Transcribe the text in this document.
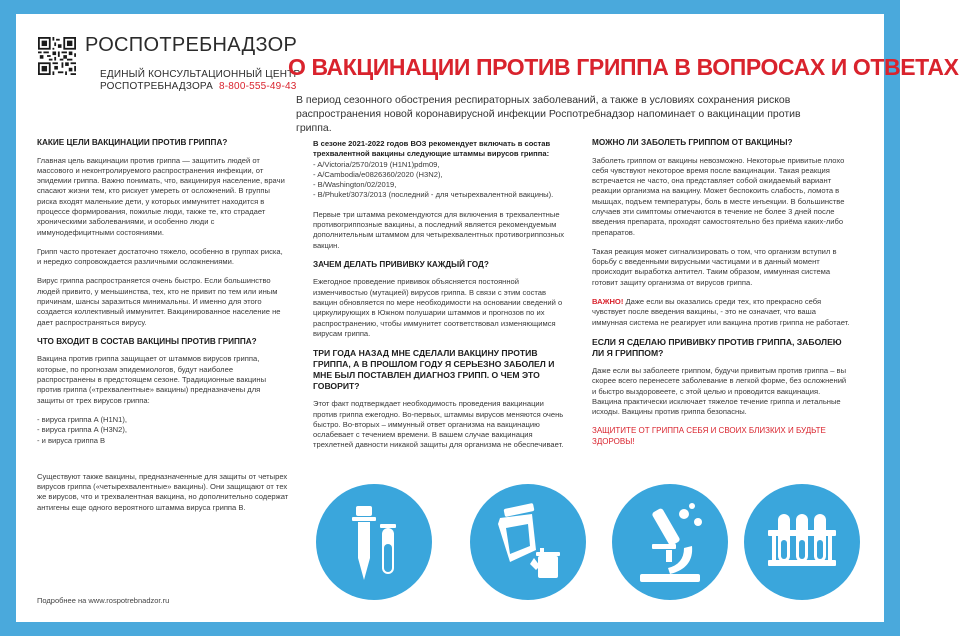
РОСПОТРЕБНАДЗОР
ЕДИНЫЙ КОНСУЛЬТАЦИОННЫЙ ЦЕНТР
РОСПОТРЕБНАДЗОРА 8-800-555-49-43
О ВАКЦИНАЦИИ ПРОТИВ ГРИППА В ВОПРОСАХ И ОТВЕТАХ
В период сезонного обострения респираторных заболеваний, а также в условиях сохранения рисков распространения новой коронавирусной инфекции Роспотребнадзор напоминает о вакцинации против гриппа.
КАКИЕ ЦЕЛИ ВАКЦИНАЦИИ ПРОТИВ ГРИППА?

Главная цель вакцинации против гриппа — защитить людей от массового и неконтролируемого распространения инфекции, от эпидемии гриппа. Важно понимать, что, вакцинируя население, врачи спасают жизни тем, кто рискует умереть от осложнений. В группы риска входят маленькие дети, у которых иммунитет находится в процессе формирования, пожилые люди, также те, кто страдает хроническими заболеваниями, и особенно люди с иммунодефицитными состояниями.

Грипп часто протекает достаточно тяжело, особенно в группах риска, и нередко сопровождается различными осложнениями.

Вирус гриппа распространяется очень быстро. Если большинство людей привито, у меньшинства, тех, кто не привит по тем или иным причинам, шансы заразиться минимальны. И именно для этого создается коллективный иммунитет. Вакцинированное население не дает распространяться вирусу.

ЧТО ВХОДИТ В СОСТАВ ВАКЦИНЫ ПРОТИВ ГРИППА?

Вакцина против гриппа защищает от штаммов вирусов гриппа, которые, по прогнозам эпидемиологов, будут наиболее распространены в предстоящем сезоне. Традиционные вакцины против гриппа («трехвалентные» вакцины) предназначены для защиты от трех вирусов гриппа:

- вируса гриппа A (H1N1),
- вируса гриппа A (H3N2),
- и вируса гриппа B

Существуют также вакцины, предназначенные для защиты от четырех вирусов гриппа («четырехвалентные» вакцины). Они защищают от тех же вирусов, что и трехвалентная вакцина, но дополнительно содержат антигены еще одного вероятного штамма вируса гриппа B.

В сезоне 2021-2022 годов ВОЗ рекомендует включать в состав трехвалентной вакцины следующие штаммы вирусов гриппа:

- A/Victoria/2570/2019 (H1N1)pdm09,
- A/Cambodia/e0826360/2020 (H3N2),
- B/Washington/02/2019,
- B/Phuket/3073/2013 (последний - для четырехвалентной вакцины).

Первые три штамма рекомендуются для включения в трехвалентные противогриппозные вакцины, а последний является рекомендуемым дополнительным штаммом для четырехвалентных противогриппозных вакцин.

ЗАЧЕМ ДЕЛАТЬ ПРИВИВКУ КАЖДЫЙ ГОД?

Ежегодное проведение прививок объясняется постоянной изменчивостью (мутацией) вирусов гриппа. В связи с этим состав вакцин обновляется по мере необходимости на основании сведений о циркулирующих в Южном полушарии штаммов и прогнозов по их распространению, чтобы иммунитет соответствовал изменяющимся вирусам гриппа.

ТРИ ГОДА НАЗАД МНЕ СДЕЛАЛИ ВАКЦИНУ ПРОТИВ ГРИППА, А В ПРОШЛОМ ГОДУ Я СЕРЬЕЗНО ЗАБОЛЕЛ И МНЕ БЫЛ ПОСТАВЛЕН ДИАГНОЗ ГРИПП. О ЧЕМ ЭТО ГОВОРИТ?

Этот факт подтверждает необходимость проведения вакцинации против гриппа ежегодно. Во-первых, штаммы вирусов меняются очень быстро. Во-вторых – иммунный ответ организма на вакцинацию ослабевает с течением времени. В вашем случае вакцинация трехлетней давности никакой защиты для организма не обеспечивает.

МОЖНО ЛИ ЗАБОЛЕТЬ ГРИППОМ ОТ ВАКЦИНЫ?

Заболеть гриппом от вакцины невозможно. Некоторые привитые плохо себя чувствуют некоторое время после вакцинации. Такая реакция встречается не часто, она представляет собой ожидаемый вариант реакции организма на вакцину. Может беспокоить слабость, ломота в мышцах, подъем температуры, боль в месте инъекции. В большинстве случаев эти симптомы отмечаются в течение не более 3 дней после введения препарата, проходят самостоятельно без приёма каких-либо препаратов.

Такая реакция может сигнализировать о том, что организм вступил в борьбу с введенными вирусными частицами и в данный момент происходит выработка антител. Таким образом, иммунная система готовит защиту организма от вирусов гриппа.

ВАЖНО! Даже если вы оказались среди тех, кто прекрасно себя чувствует после введения вакцины, - это не означает, что ваша иммунная система не реагирует или вакцина против гриппа не работает.

ЕСЛИ Я СДЕЛАЮ ПРИВИВКУ ПРОТИВ ГРИППА, ЗАБОЛЕЮ ЛИ Я ГРИППОМ?

Даже если вы заболеете гриппом, будучи привитым против гриппа – вы скорее всего перенесете заболевание в легкой форме, без осложнений и быстро выздоровеете, с этой целью и проводится вакцинация. Вакцина практически исключает тяжелое течение гриппа и летальные исходы. Вакцины против гриппа безопасны.

ЗАЩИТИТЕ ОТ ГРИППА СЕБЯ И СВОИХ БЛИЗКИХ И БУДЬТЕ ЗДОРОВЫ!

Подробнее на www.rospotrebnadzor.ru
